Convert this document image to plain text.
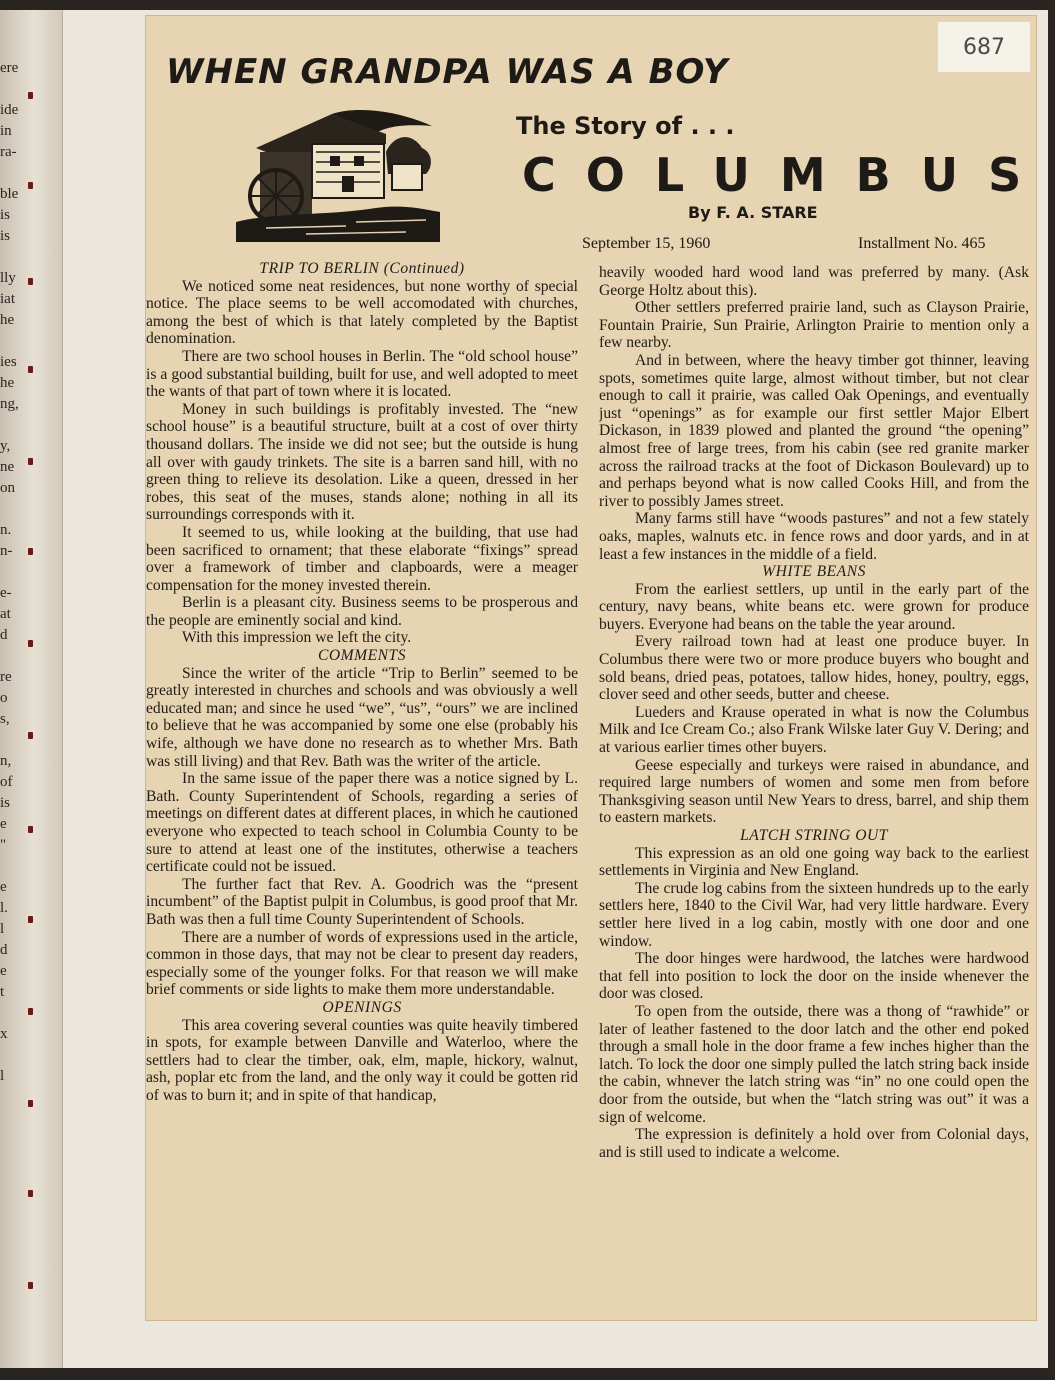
ere
ide
in
ra-
ble
is
is
lly
iat
he
ies
he
ng,
y,
ne
on
n.
n-
e-
at
d
re
o
s,
n,
of
is
e
"
e
l.
l
d
e
t
x
l
687
WHEN GRANDPA WAS A BOY
The Story of . . .
COLUMBUS
By F. A. STARE
September 15, 1960	Installment No. 465
TRIP TO BERLIN (Continued)

We noticed some neat residences, but none worthy of special notice. The place seems to be well accomodated with churches, among the best of which is that lately completed by the Baptist denomination.

There are two school houses in Berlin. The “old school house” is a good substantial building, built for use, and well adopted to meet the wants of that part of town where it is located.

Money in such buildings is profitably invested. The “new school house” is a beautiful structure, built at a cost of over thirty thousand dollars. The inside we did not see; but the outside is hung all over with gaudy trinkets. The site is a barren sand hill, with no green thing to relieve its desolation. Like a queen, dressed in her robes, this seat of the muses, stands alone; nothing in all its surroundings corresponds with it.

It seemed to us, while looking at the building, that use had been sacrificed to ornament; that these elaborate “fixings” spread over a framework of timber and clapboards, were a meager compensation for the money invested therein.

Berlin is a pleasant city. Business seems to be prosperous and the people are eminently social and kind.

With this impression we left the city.

COMMENTS

Since the writer of the article “Trip to Berlin” seemed to be greatly interested in churches and schools and was obviously a well educated man; and since he used “we”, “us”, “ours” we are inclined to believe that he was accompanied by some one else (probably his wife, although we have done no research as to whether Mrs. Bath was still living) and that Rev. Bath was the writer of the article.

In the same issue of the paper there was a notice signed by L. Bath. County Superintendent of Schools, regarding a series of meetings on different dates at different places, in which he cautioned everyone who expected to teach school in Columbia County to be sure to attend at least one of the institutes, otherwise a teachers certificate could not be issued.

The further fact that Rev. A. Goodrich was the “present incumbent” of the Baptist pulpit in Columbus, is good proof that Mr. Bath was then a full time County Superintendent of Schools.

There are a number of words of expressions used in the article, common in those days, that may not be clear to present day readers, especially some of the younger folks. For that reason we will make brief comments or side lights to make them more understandable.

OPENINGS

This area covering several counties was quite heavily timbered in spots, for example between Danville and Waterloo, where the settlers had to clear the timber, oak, elm, maple, hickory, walnut, ash, poplar etc from the land, and the only way it could be gotten rid of was to burn it; and in spite of that handicap,

heavily wooded hard wood land was preferred by many. (Ask George Holtz about this).

Other settlers preferred prairie land, such as Clayson Prairie, Fountain Prairie, Sun Prairie, Arlington Prairie to mention only a few nearby.

And in between, where the heavy timber got thinner, leaving spots, sometimes quite large, almost without timber, but not clear enough to call it prairie, was called Oak Openings, and eventually just “openings” as for example our first settler Major Elbert Dickason, in 1839 plowed and planted the ground “the opening” almost free of large trees, from his cabin (see red granite marker across the railroad tracks at the foot of Dickason Boulevard) up to and perhaps beyond what is now called Cooks Hill, and from the river to possibly James street.

Many farms still have “woods pastures” and not a few stately oaks, maples, walnuts etc. in fence rows and door yards, and in at least a few instances in the middle of a field.

WHITE BEANS

From the earliest settlers, up until in the early part of the century, navy beans, white beans etc. were grown for produce buyers. Everyone had beans on the table the year around.

Every railroad town had at least one produce buyer. In Columbus there were two or more produce buyers who bought and sold beans, dried peas, potatoes, tallow hides, honey, poultry, eggs, clover seed and other seeds, butter and cheese.

Lueders and Krause operated in what is now the Columbus Milk and Ice Cream Co.; also Frank Wilske later Guy V. Dering; and at various earlier times other buyers.

Geese especially and turkeys were raised in abundance, and required large numbers of women and some men from before Thanksgiving season until New Years to dress, barrel, and ship them to eastern markets.

LATCH STRING OUT

This expression as an old one going way back to the earliest settlements in Virginia and New England.

The crude log cabins from the sixteen hundreds up to the early settlers here, 1840 to the Civil War, had very little hardware. Every settler here lived in a log cabin, mostly with one door and one window.

The door hinges were hardwood, the latches were hardwood that fell into position to lock the door on the inside whenever the door was closed.

To open from the outside, there was a thong of “rawhide” or later of leather fastened to the door latch and the other end poked through a small hole in the door frame a few inches higher than the latch. To lock the door one simply pulled the latch string back inside the cabin, whnever the latch string was “in” no one could open the door from the outside, but when the “latch string was out” it was a sign of welcome.

The expression is definitely a hold over from Colonial days, and is still used to indicate a welcome.
